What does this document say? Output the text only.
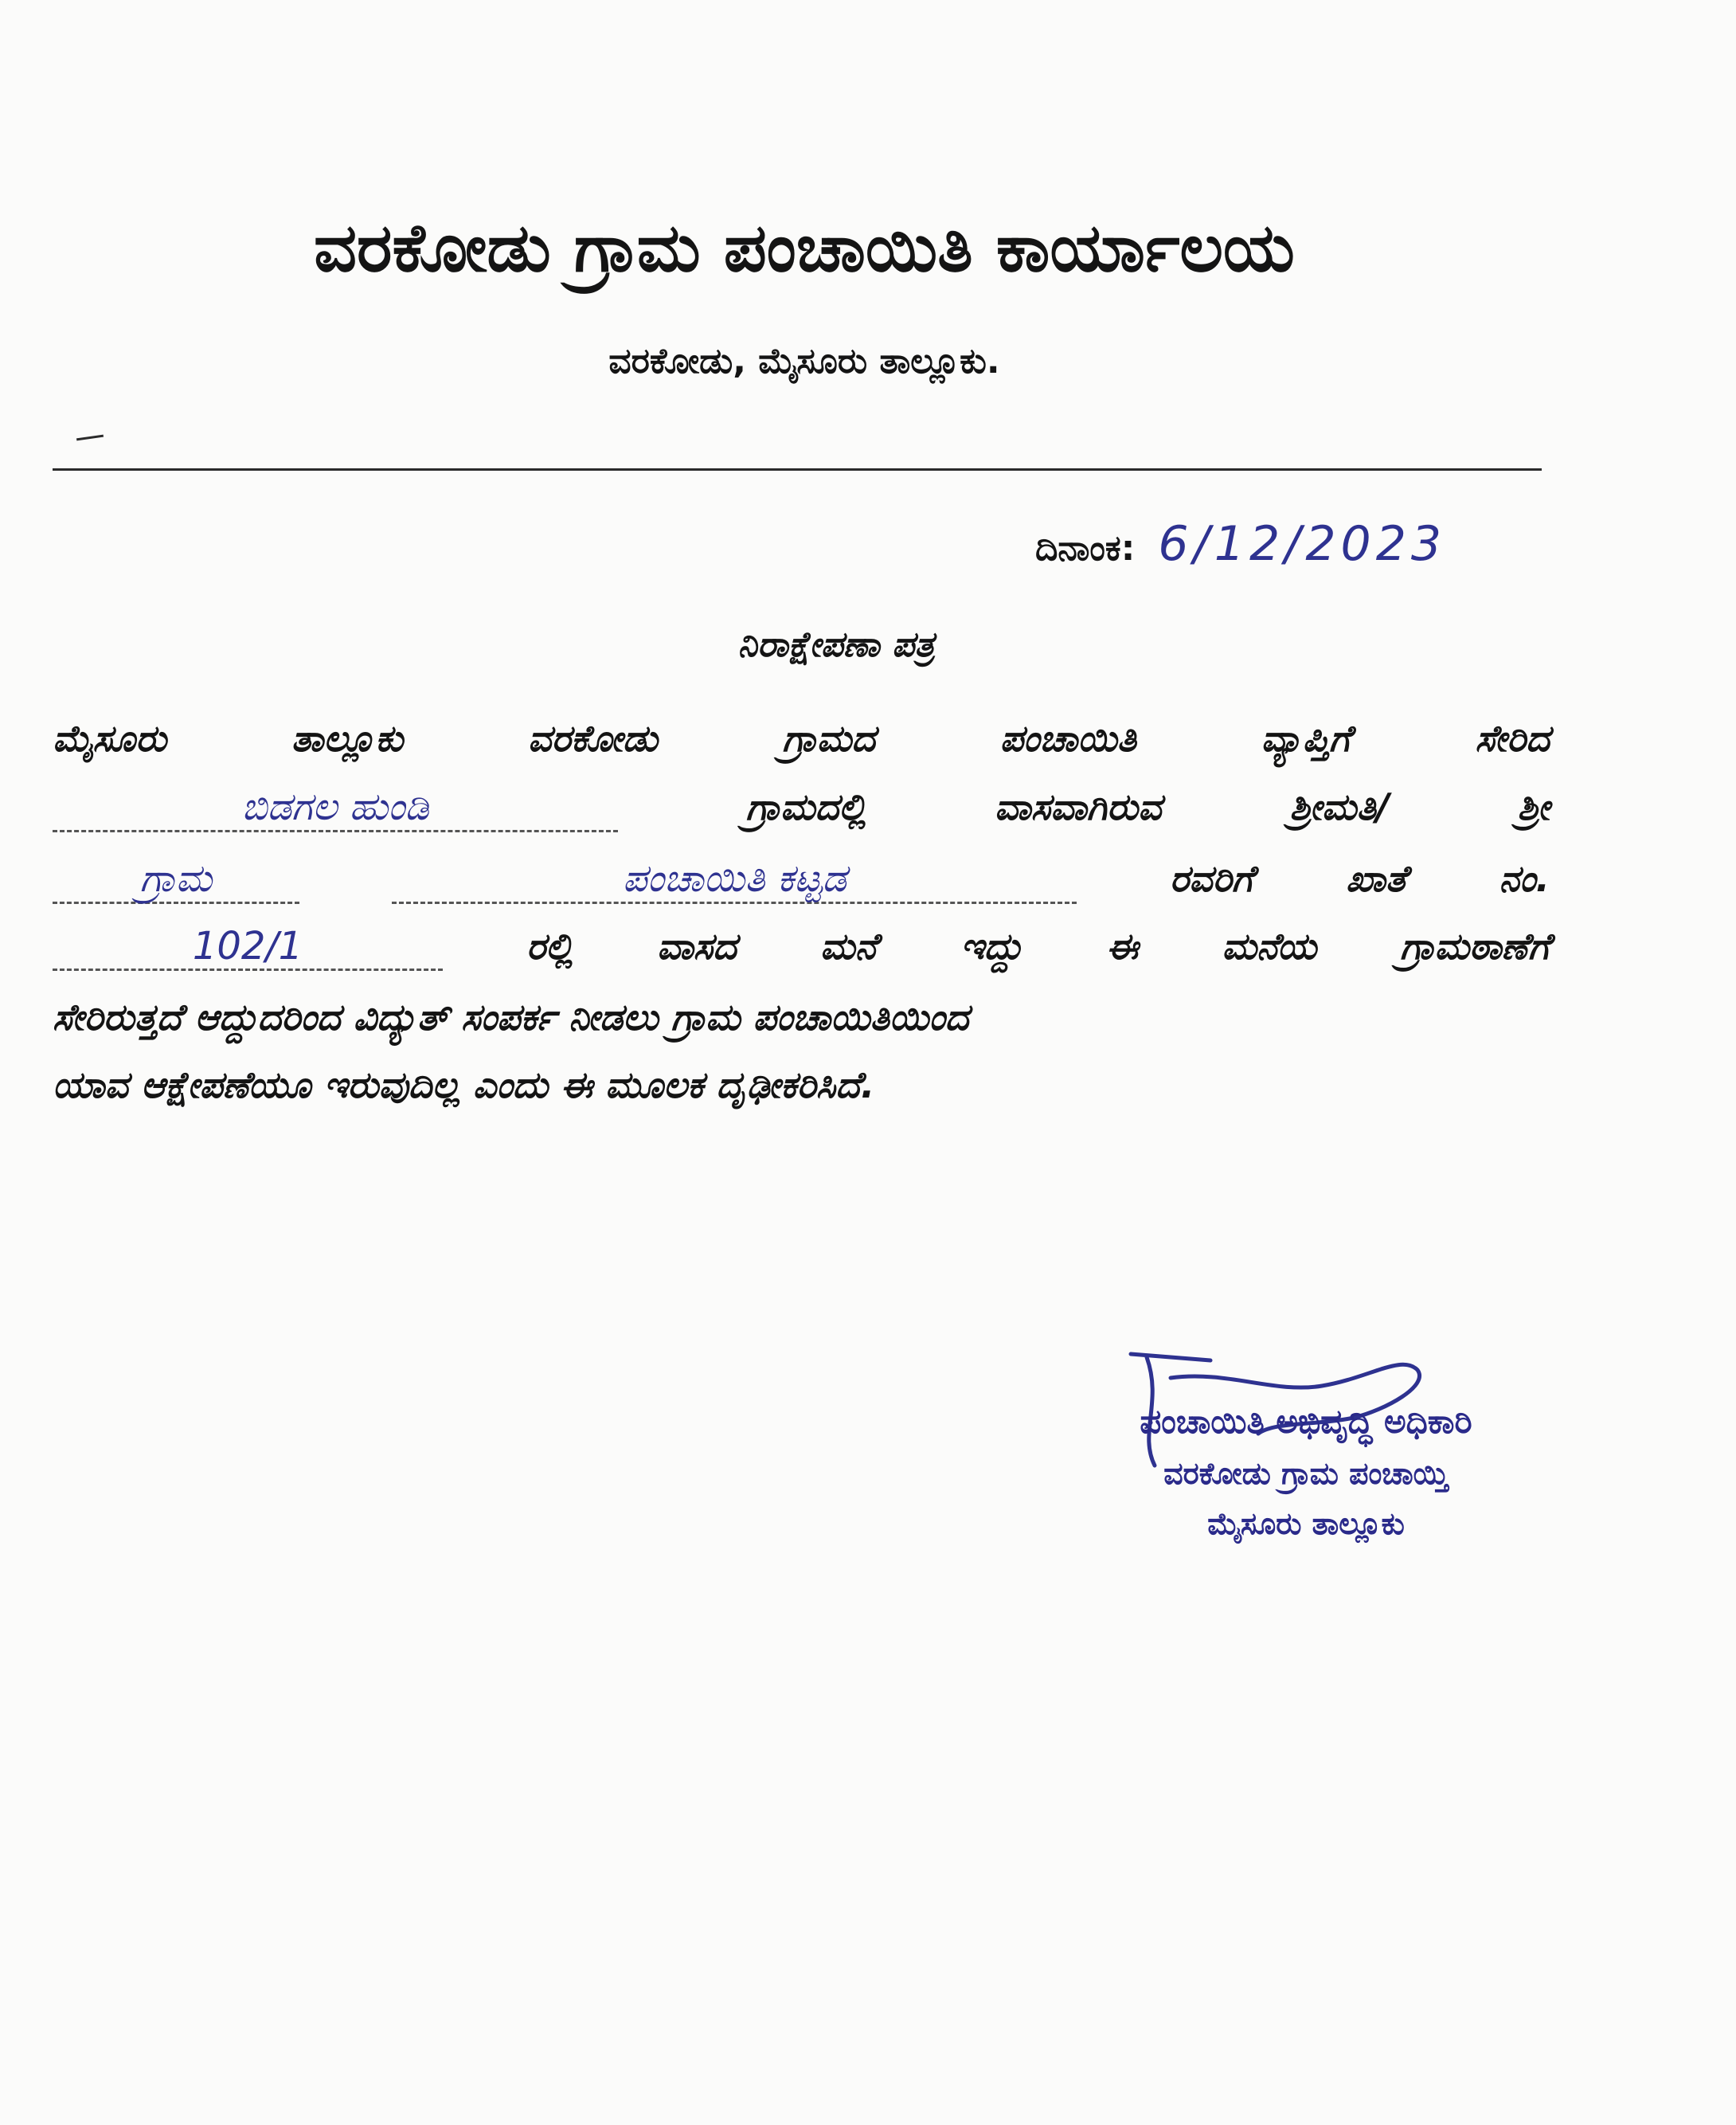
ವರಕೋಡು ಗ್ರಾಮ ಪಂಚಾಯಿತಿ ಕಾರ್ಯಾಲಯ
ವರಕೋಡು, ಮೈಸೂರು ತಾಲ್ಲೂಕು.
ದಿನಾಂಕ: 6/12/2023
ನಿರಾಕ್ಷೇಪಣಾ ಪತ್ರ
ಮೈಸೂರು	ತಾಲ್ಲೂಕು	ವರಕೋಡು	ಗ್ರಾಮದ	ಪಂಚಾಯಿತಿ	ವ್ಯಾಪ್ತಿಗೆ	ಸೇರಿದ
ಬಿಡಗಲ ಹುಂಡಿ	ಗ್ರಾಮದಲ್ಲಿ	ವಾಸವಾಗಿರುವ	ಶ್ರೀಮತಿ/	ಶ್ರೀ
ಗ್ರಾಮ	ಪಂಚಾಯಿತಿ ಕಟ್ಟಡ	ರವರಿಗೆ	ಖಾತೆ	ನಂ.
102/1	ರಲ್ಲಿ ವಾಸದ ಮನೆ ಇದ್ದು ಈ ಮನೆಯ ಗ್ರಾಮಠಾಣೆಗೆ
ಸೇರಿರುತ್ತದೆ ಆದ್ದುದರಿಂದ ವಿದ್ಯುತ್ ಸಂಪರ್ಕ ನೀಡಲು ಗ್ರಾಮ ಪಂಚಾಯಿತಿಯಿಂದ
ಯಾವ ಆಕ್ಷೇಪಣೆಯೂ ಇರುವುದಿಲ್ಲ ಎಂದು ಈ ಮೂಲಕ ದೃಢೀಕರಿಸಿದೆ.
ಪಂಚಾಯಿತಿ ಅಭಿವೃದ್ಧಿ ಅಧಿಕಾರಿ
ವರಕೋಡು ಗ್ರಾಮ ಪಂಚಾಯ್ತಿ
ಮೈಸೂರು ತಾಲ್ಲೂಕು
